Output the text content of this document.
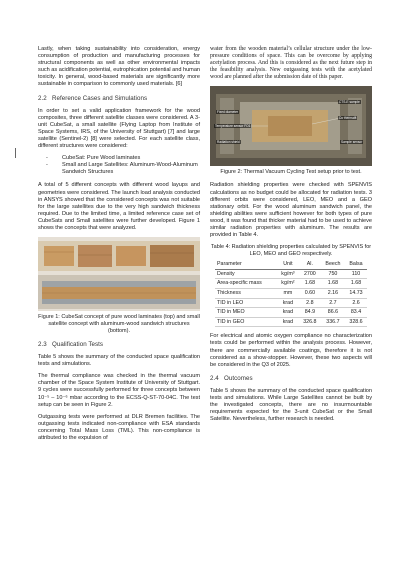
Lastly, when taking sustainability into consideration, energy consumption of production and manufacturing processes for structural components as well as other environmental impacts such as acidification potential, eutrophication potential and human toxicity. In general, wood-based materials are significantly more sustainable in comparison to commonly used materials. [6]

2.2 Reference Cases and Simulations

In order to set a valid application framework for the wood composites, three different satellite classes were considered. A 3-unit CubeSat, a small satellite (Flying Laptop from Institute of Space Systems, IRS, of the University of Stuttgart) [7] and large satellite (Sentinel-2) [8] were selected. For each satellite class, different structures were considered:

- CubeSat: Pure Wood laminates
- Small and Large Satellites: Aluminum-Wood-Aluminum Sandwich Structures

A total of 5 different concepts with different wood layups and geometries were considered. The launch load analysis conducted in ANSYS showed that the considered concepts was not suitable for the large satellites due to the very high sandwich thickness required. Due to the limited time, a limited reference case set of CubeSats and Small satellites were further developed. Figure 1 shows the concepts that were analyzed.

Figure 1: CubeSat concept of pure wood laminates (top) and small satellite concept with aluminum-wood sandwich structures (bottom).

2.3 Qualification Tests

Table 5 shows the summary of the conducted space qualification tests and simulations.

The thermal compliance was checked in the thermal vacuum chamber of the Space System Institute of University of Stuttgart. 9 cycles were successfully performed for three concepts between 10⁻⁵ – 10⁻⁶ mbar according to the ECSS-Q-ST-70-04C. The test setup can be seen in Figure 2.

Outgassing tests were performed at DLR Bremen facilities. The outgassing tests indicated non-compliance with ESA standards concerning Total Mass Loss (TML). This non-compliance is attributed to the expulsion of

water from the wooden material’s cellular structure under the low-pressure conditions of space. This can be overcome by applying acetylation process. And this is considered as the next future step in the feasibility analysis. New outgassing tests with the acetylated wood are planned after the submission date of this paper.

Fixed diameter
Temperature sensor FO1
Radiation shield
CTS-E sample
Cu thermalft
Sample sensor

Figure 2: Thermal Vacuum Cycling Test setup prior to test.

Radiation shielding properties were checked with SPENVIS calculations as no budget could be allocated for radiation tests. 3 different orbits were considered, LEO, MEO and a GEO stationary orbit. For the wood aluminum sandwich panel, the shielding abilities were sufficient however for both types of pure wood, it was found that thicker material had to be used to achieve similar radiation properties with aluminum. The results are provided in Table 4.

Table 4: Radiation shielding properties calculated by SPENVIS for LEO, MEO and GEO respectively.

Parameter	Unit	Al.	Beech	Balsa
Density	kg/m³	2700	750	110
Area-specific mass	kg/m²	1.68	1.68	1.68
Thickness	mm	0.60	2.16	14.73
TID in LEO	krad	2.8	2.7	2.6
TID in MEO	krad	84.9	86.6	83.4
TID in GEO	krad	326.8	336.7	328.6

For electrical and atomic oxygen compliance no characterization tests could be performed within the analysis process. However, there are commercially available coatings, therefore it is not considered as a show-stopper. However, these two aspects will be considered in the Q3 of 2025.

2.4 Outcomes

Table 5 shows the summary of the conducted space qualification tests and simulations. While Large Satellites cannot be built by the investigated concepts, there are no insurmountable requirements expected for the 3-unit CubeSat or the Small Satellite. Nevertheless, further research is needed.
